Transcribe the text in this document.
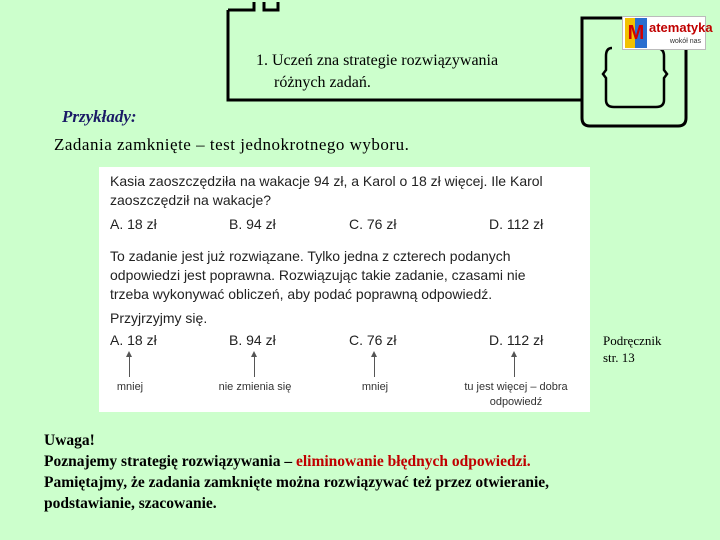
M atematyka
wokół nas
1. Uczeń zna strategie rozwiązywania
różnych zadań.
Przykłady:
Zadania zamknięte – test jednokrotnego wyboru.
Kasia zaoszczędziła na wakacje 94 zł, a Karol o 18 zł więcej. Ile Karol
zaoszczędził na wakacje?
A. 18 zł	B. 94 zł	C. 76 zł	D. 112 zł
To zadanie jest już rozwiązane. Tylko jedna z czterech podanych
odpowiedzi jest poprawna. Rozwiązując takie zadanie, czasami nie
trzeba wykonywać obliczeń, aby podać poprawną odpowiedź.
Przyjrzyjmy się.
A. 18 zł	B. 94 zł	C. 76 zł	D. 112 zł
mniej	nie zmienia się	mniej	tu jest więcej – dobra
odpowiedź
Podręcznik
str. 13
Uwaga!
Poznajemy strategię rozwiązywania – eliminowanie błędnych odpowiedzi.
Pamiętajmy, że zadania zamknięte można rozwiązywać też przez otwieranie,
podstawianie, szacowanie.
